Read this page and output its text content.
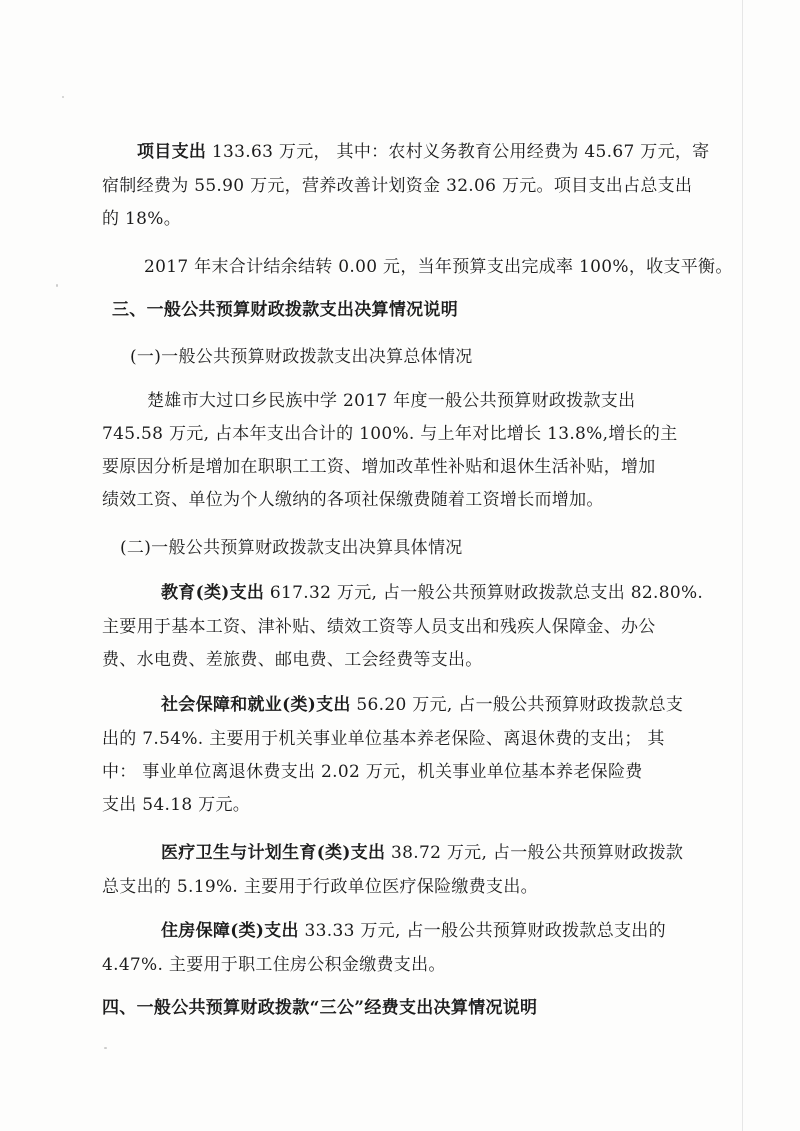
项目支出 133.63 万元， 其中：农村义务教育公用经费为 45.67 万元，寄
宿制经费为 55.90 万元，营养改善计划资金 32.06 万元。项目支出占总支出
的 18%。
2017 年末合计结余结转 0.00 元，当年预算支出完成率 100%，收支平衡。
三、一般公共预算财政拨款支出决算情况说明
(一)一般公共预算财政拨款支出决算总体情况
楚雄市大过口乡民族中学 2017 年度一般公共预算财政拨款支出
745.58 万元, 占本年支出合计的 100%. 与上年对比增长 13.8%,增长的主
要原因分析是增加在职职工工资、增加改革性补贴和退休生活补贴，增加
绩效工资、单位为个人缴纳的各项社保缴费随着工资增长而增加。
(二)一般公共预算财政拨款支出决算具体情况
教育(类)支出 617.32 万元, 占一般公共预算财政拨款总支出 82.80%.
主要用于基本工资、津补贴、绩效工资等人员支出和残疾人保障金、办公
费、水电费、差旅费、邮电费、工会经费等支出。
社会保障和就业(类)支出 56.20 万元, 占一般公共预算财政拨款总支
出的 7.54%. 主要用于机关事业单位基本养老保险、离退休费的支出； 其
中： 事业单位离退休费支出 2.02 万元，机关事业单位基本养老保险费
支出 54.18 万元。
医疗卫生与计划生育(类)支出 38.72 万元, 占一般公共预算财政拨款
总支出的 5.19%. 主要用于行政单位医疗保险缴费支出。
住房保障(类)支出 33.33 万元, 占一般公共预算财政拨款总支出的
4.47%. 主要用于职工住房公积金缴费支出。
四、一般公共预算财政拨款“三公”经费支出决算情况说明
